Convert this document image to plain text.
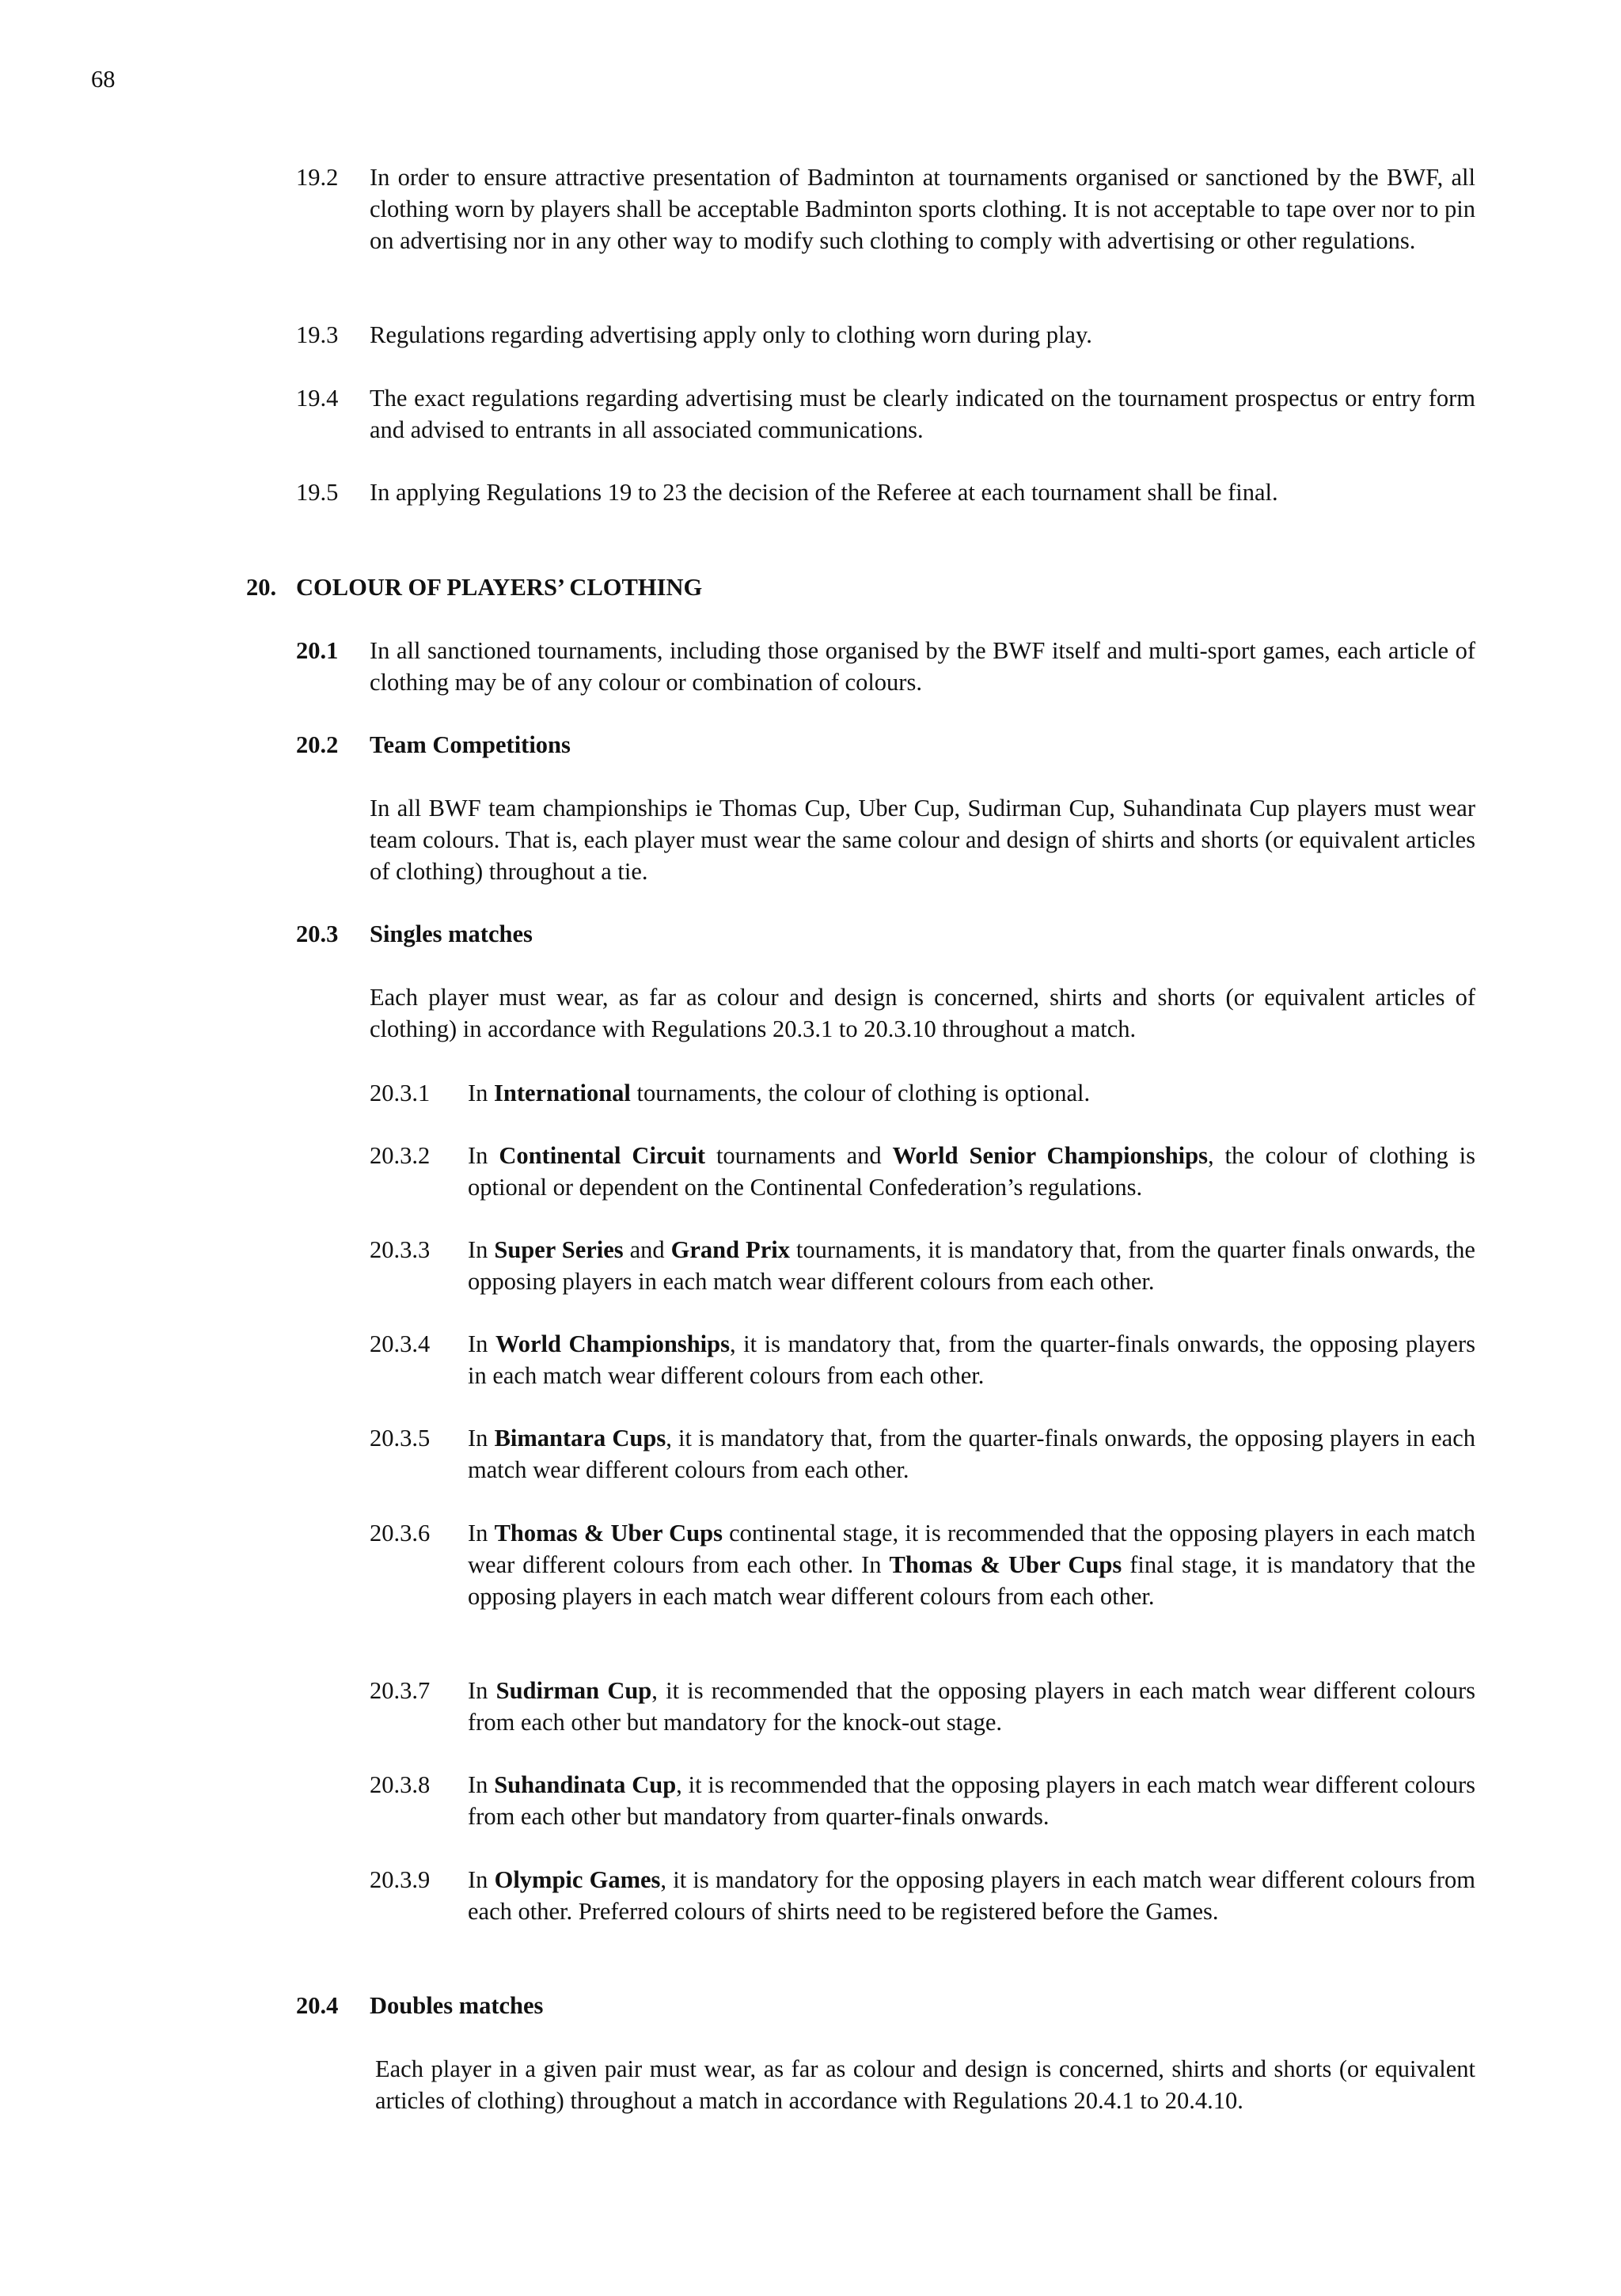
68
19.2 In order to ensure attractive presentation of Badminton at tournaments organised or sanctioned by the BWF, all clothing worn by players shall be acceptable Badminton sports clothing. It is not acceptable to tape over nor to pin on advertising nor in any other way to modify such clothing to comply with advertising or other regulations.
19.3 Regulations regarding advertising apply only to clothing worn during play.
19.4 The exact regulations regarding advertising must be clearly indicated on the tournament prospectus or entry form and advised to entrants in all associated communications.
19.5 In applying Regulations 19 to 23 the decision of the Referee at each tournament shall be final.
20. COLOUR OF PLAYERS’ CLOTHING
20.1 In all sanctioned tournaments, including those organised by the BWF itself and multi-sport games, each article of clothing may be of any colour or combination of colours.
20.2 Team Competitions
In all BWF team championships ie Thomas Cup, Uber Cup, Sudirman Cup, Suhandinata Cup players must wear team colours. That is, each player must wear the same colour and design of shirts and shorts (or equivalent articles of clothing) throughout a tie.
20.3 Singles matches
Each player must wear, as far as colour and design is concerned, shirts and shorts (or equivalent articles of clothing) in accordance with Regulations 20.3.1 to 20.3.10 throughout a match.
20.3.1 In International tournaments, the colour of clothing is optional.
20.3.2 In Continental Circuit tournaments and World Senior Championships, the colour of clothing is optional or dependent on the Continental Confederation’s regulations.
20.3.3 In Super Series and Grand Prix tournaments, it is mandatory that, from the quarter finals onwards, the opposing players in each match wear different colours from each other.
20.3.4 In World Championships, it is mandatory that, from the quarter-finals onwards, the opposing players in each match wear different colours from each other.
20.3.5 In Bimantara Cups, it is mandatory that, from the quarter-finals onwards, the opposing players in each match wear different colours from each other.
20.3.6 In Thomas & Uber Cups continental stage, it is recommended that the opposing players in each match wear different colours from each other. In Thomas & Uber Cups final stage, it is mandatory that the opposing players in each match wear different colours from each other.
20.3.7 In Sudirman Cup, it is recommended that the opposing players in each match wear different colours from each other but mandatory for the knock-out stage.
20.3.8 In Suhandinata Cup, it is recommended that the opposing players in each match wear different colours from each other but mandatory from quarter-finals onwards.
20.3.9 In Olympic Games, it is mandatory for the opposing players in each match wear different colours from each other. Preferred colours of shirts need to be registered before the Games.
20.4 Doubles matches
Each player in a given pair must wear, as far as colour and design is concerned, shirts and shorts (or equivalent articles of clothing) throughout a match in accordance with Regulations 20.4.1 to 20.4.10.
